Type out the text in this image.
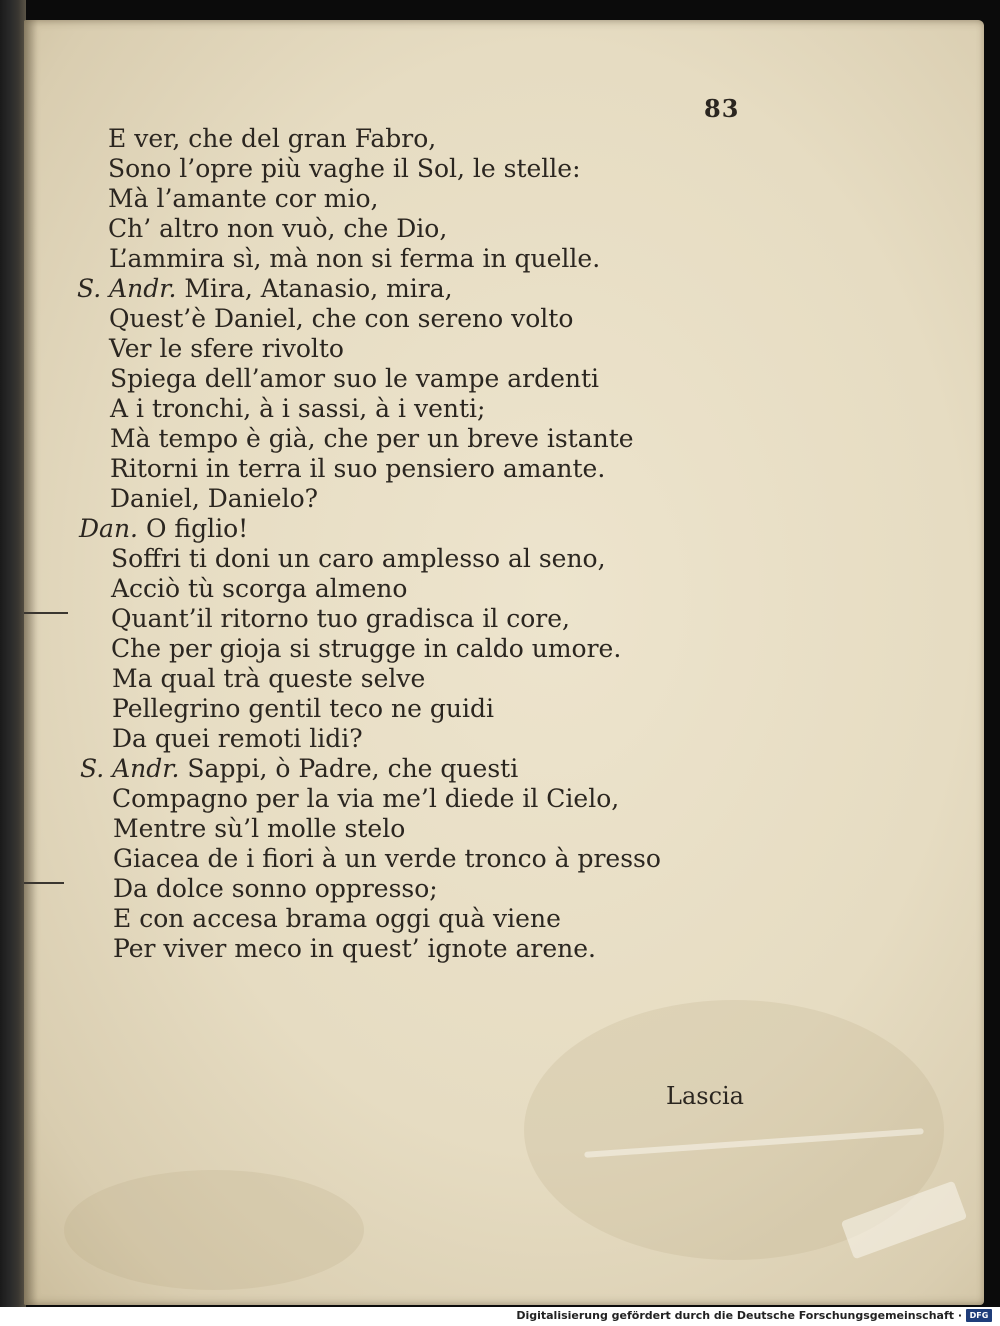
83
E ver, che del gran Fabro,
Sono l’opre più vaghe il Sol, le stelle:
Mà l’amante cor mio,
Ch’ altro non vuò, che Dio,
L’ammira sì, mà non si ferma in quelle.
S. Andr. Mira, Atanasio, mira,
Quest’è Daniel, che con sereno volto
Ver le sfere rivolto
Spiega dell’amor suo le vampe ardenti
A i tronchi, à i sassi, à i venti;
Mà tempo è già, che per un breve istante
Ritorni in terra il suo pensiero amante.
Daniel, Danielo?
Dan. O figlio!
Soffri ti doni un caro amplesso al seno,
Acciò tù scorga almeno
Quant’il ritorno tuo gradisca il core,
Che per gioja si strugge in caldo umore.
Ma qual trà queste selve
Pellegrino gentil teco ne guidi
Da quei remoti lidi?
S. Andr. Sappi, ò Padre, che questi
Compagno per la via me’l diede il Cielo,
Mentre sù’l molle stelo
Giacea de i fiori à un verde tronco à presso
Da dolce sonno oppresso;
E con accesa brama oggi quà viene
Per viver meco in quest’ ignote arene.
Lascia
Digitalisierung gefördert durch die Deutsche Forschungsgemeinschaft · DFG
